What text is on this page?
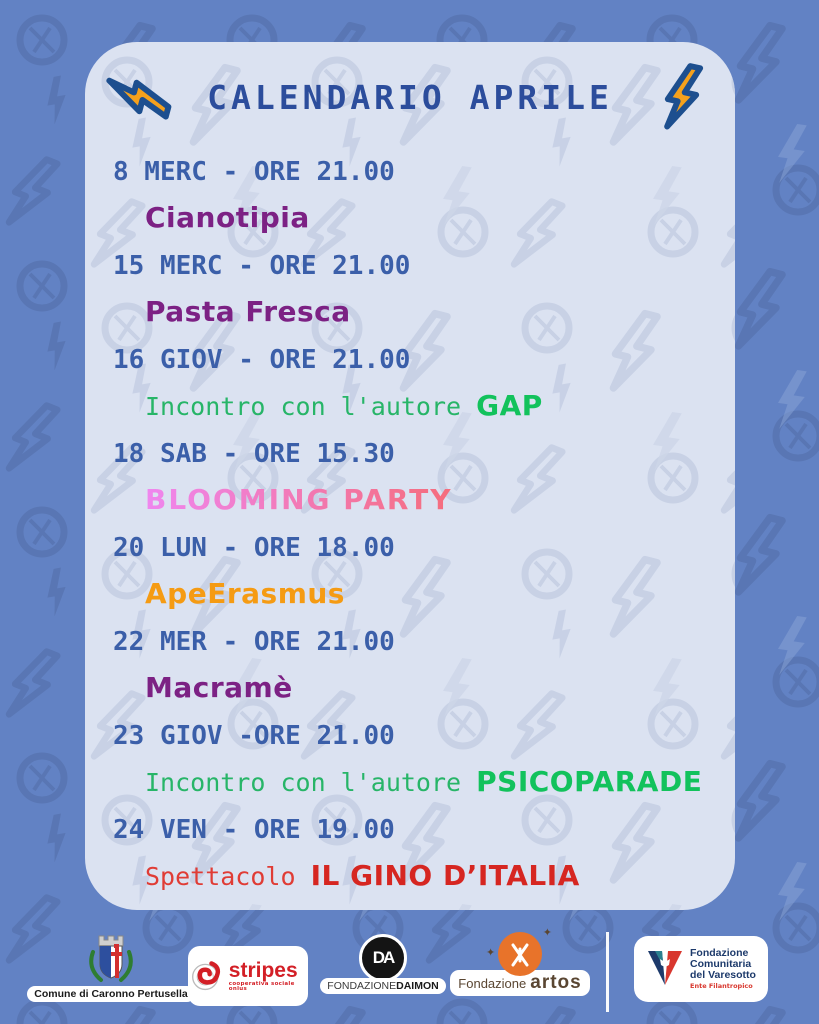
CALENDARIO APRILE
8 MERC - ORE 21.00
Cianotipia
15 MERC - ORE 21.00
Pasta Fresca
16 GIOV - ORE 21.00
Incontro con l'autore GAP
18 SAB - ORE 15.30
BLOOMING PARTY
20 LUN - ORE 18.00
ApeErasmus
22 MER - ORE 21.00
Macramè
23 GIOV -ORE 21.00
Incontro con l'autore PSICOPARADE
24 VEN - ORE 19.00
Spettacolo IL GINO D’ITALIA
Comune di Caronno Pertusella
stripes
cooperativa sociale onlus
DA
FONDAZIONEDAIMON
✦
✦
Fondazione artos
Fondazione
Comunitaria
del Varesotto
Ente Filantropico
